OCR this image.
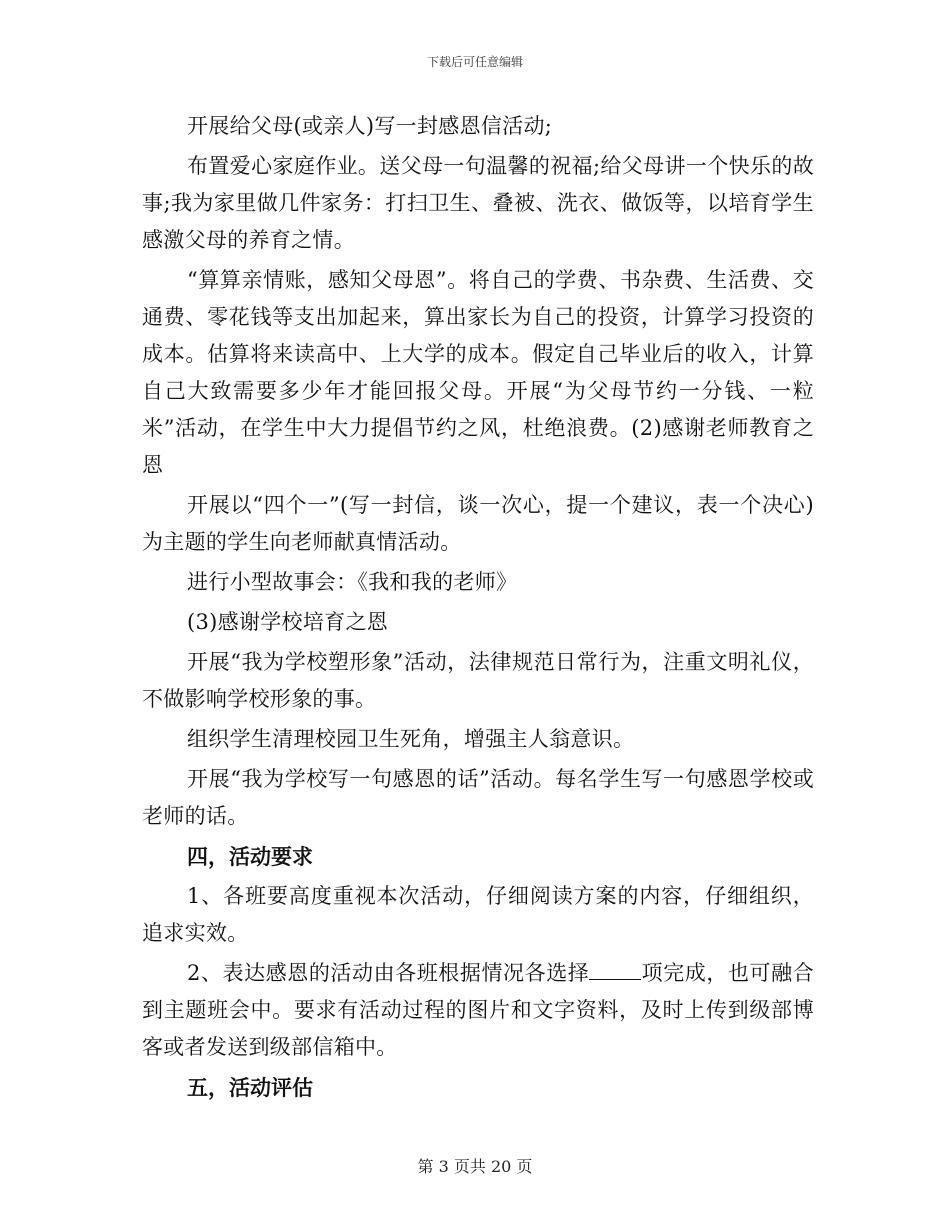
下载后可任意编辑

开展给父母(或亲人)写一封感恩信活动;

布置爱心家庭作业。送父母一句温馨的祝福;给父母讲一个快乐的故事;我为家里做几件家务：打扫卫生、叠被、洗衣、做饭等，以培育学生感激父母的养育之情。

“算算亲情账，感知父母恩”。将自己的学费、书杂费、生活费、交通费、零花钱等支出加起来，算出家长为自己的投资，计算学习投资的成本。估算将来读高中、上大学的成本。假定自己毕业后的收入，计算自己大致需要多少年才能回报父母。开展“为父母节约一分钱、一粒米”活动，在学生中大力提倡节约之风，杜绝浪费。(2)感谢老师教育之恩

开展以“四个一”(写一封信，谈一次心，提一个建议，表一个决心)为主题的学生向老师献真情活动。

进行小型故事会：《我和我的老师》

(3)感谢学校培育之恩

开展“我为学校塑形象”活动，法律规范日常行为，注重文明礼仪，不做影响学校形象的事。

组织学生清理校园卫生死角，增强主人翁意识。

开展“我为学校写一句感恩的话”活动。每名学生写一句感恩学校或老师的话。

四，活动要求

1、各班要高度重视本次活动，仔细阅读方案的内容，仔细组织，追求实效。

2、表达感恩的活动由各班根据情况各选择 项完成，也可融合到主题班会中。要求有活动过程的图片和文字资料，及时上传到级部博客或者发送到级部信箱中。

五，活动评估

第 3 页共 20 页
